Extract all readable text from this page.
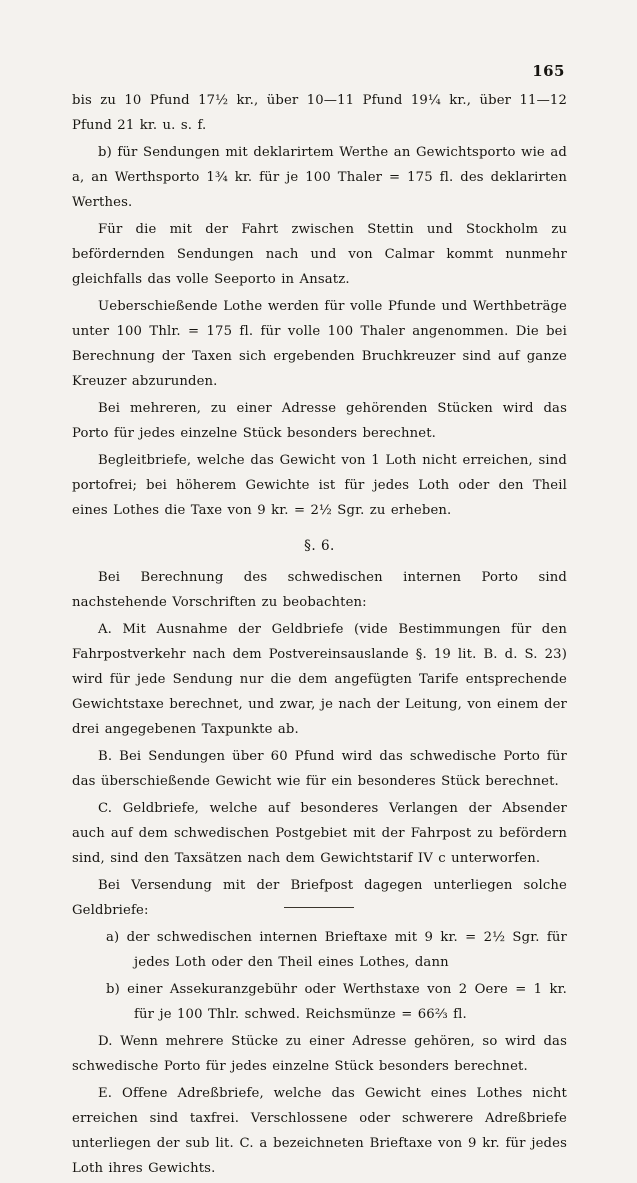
165

bis zu 10 Pfund 17½ kr., über 10—11 Pfund 19¼ kr., über 11—12 Pfund 21 kr. u. s. f.

b) für Sendungen mit deklarirtem Werthe an Gewichtsporto wie ad a, an Werthsporto 1¾ kr. für je 100 Thaler = 175 fl. des deklarirten Werthes.

Für die mit der Fahrt zwischen Stettin und Stockholm zu befördernden Sendungen nach und von Calmar kommt nunmehr gleichfalls das volle Seeporto in Ansatz.

Ueberschießende Lothe werden für volle Pfunde und Werthbeträge unter 100 Thlr. = 175 fl. für volle 100 Thaler angenommen. Die bei Berechnung der Taxen sich ergebenden Bruchkreuzer sind auf ganze Kreuzer abzurunden.

Bei mehreren, zu einer Adresse gehörenden Stücken wird das Porto für jedes einzelne Stück besonders berechnet.

Begleitbriefe, welche das Gewicht von 1 Loth nicht erreichen, sind portofrei; bei höherem Gewichte ist für jedes Loth oder den Theil eines Lothes die Taxe von 9 kr. = 2½ Sgr. zu erheben.

§. 6.

Bei Berechnung des schwedischen internen Porto sind nachstehende Vorschriften zu beobachten:

A. Mit Ausnahme der Geldbriefe (vide Bestimmungen für den Fahrpostverkehr nach dem Postvereinsauslande §. 19 lit. B. d. S. 23) wird für jede Sendung nur die dem angefügten Tarife entsprechende Gewichtstaxe berechnet, und zwar, je nach der Leitung, von einem der drei angegebenen Taxpunkte ab.

B. Bei Sendungen über 60 Pfund wird das schwedische Porto für das überschießende Gewicht wie für ein besonderes Stück berechnet.

C. Geldbriefe, welche auf besonderes Verlangen der Absender auch auf dem schwedischen Postgebiet mit der Fahrpost zu befördern sind, sind den Taxsätzen nach dem Gewichtstarif IV c unterworfen.

Bei Versendung mit der Briefpost dagegen unterliegen solche Geldbriefe:

a) der schwedischen internen Brieftaxe mit 9 kr. = 2½ Sgr. für jedes Loth oder den Theil eines Lothes, dann

b) einer Assekuranzgebühr oder Werthstaxe von 2 Oere = 1 kr. für je 100 Thlr. schwed. Reichsmünze = 66⅔ fl.

D. Wenn mehrere Stücke zu einer Adresse gehören, so wird das schwedische Porto für jedes einzelne Stück besonders berechnet.

E. Offene Adreßbriefe, welche das Gewicht eines Lothes nicht erreichen sind taxfrei. Verschlossene oder schwerere Adreßbriefe unterliegen der sub lit. C. a bezeichneten Brieftaxe von 9 kr. für jedes Loth ihres Gewichts.
